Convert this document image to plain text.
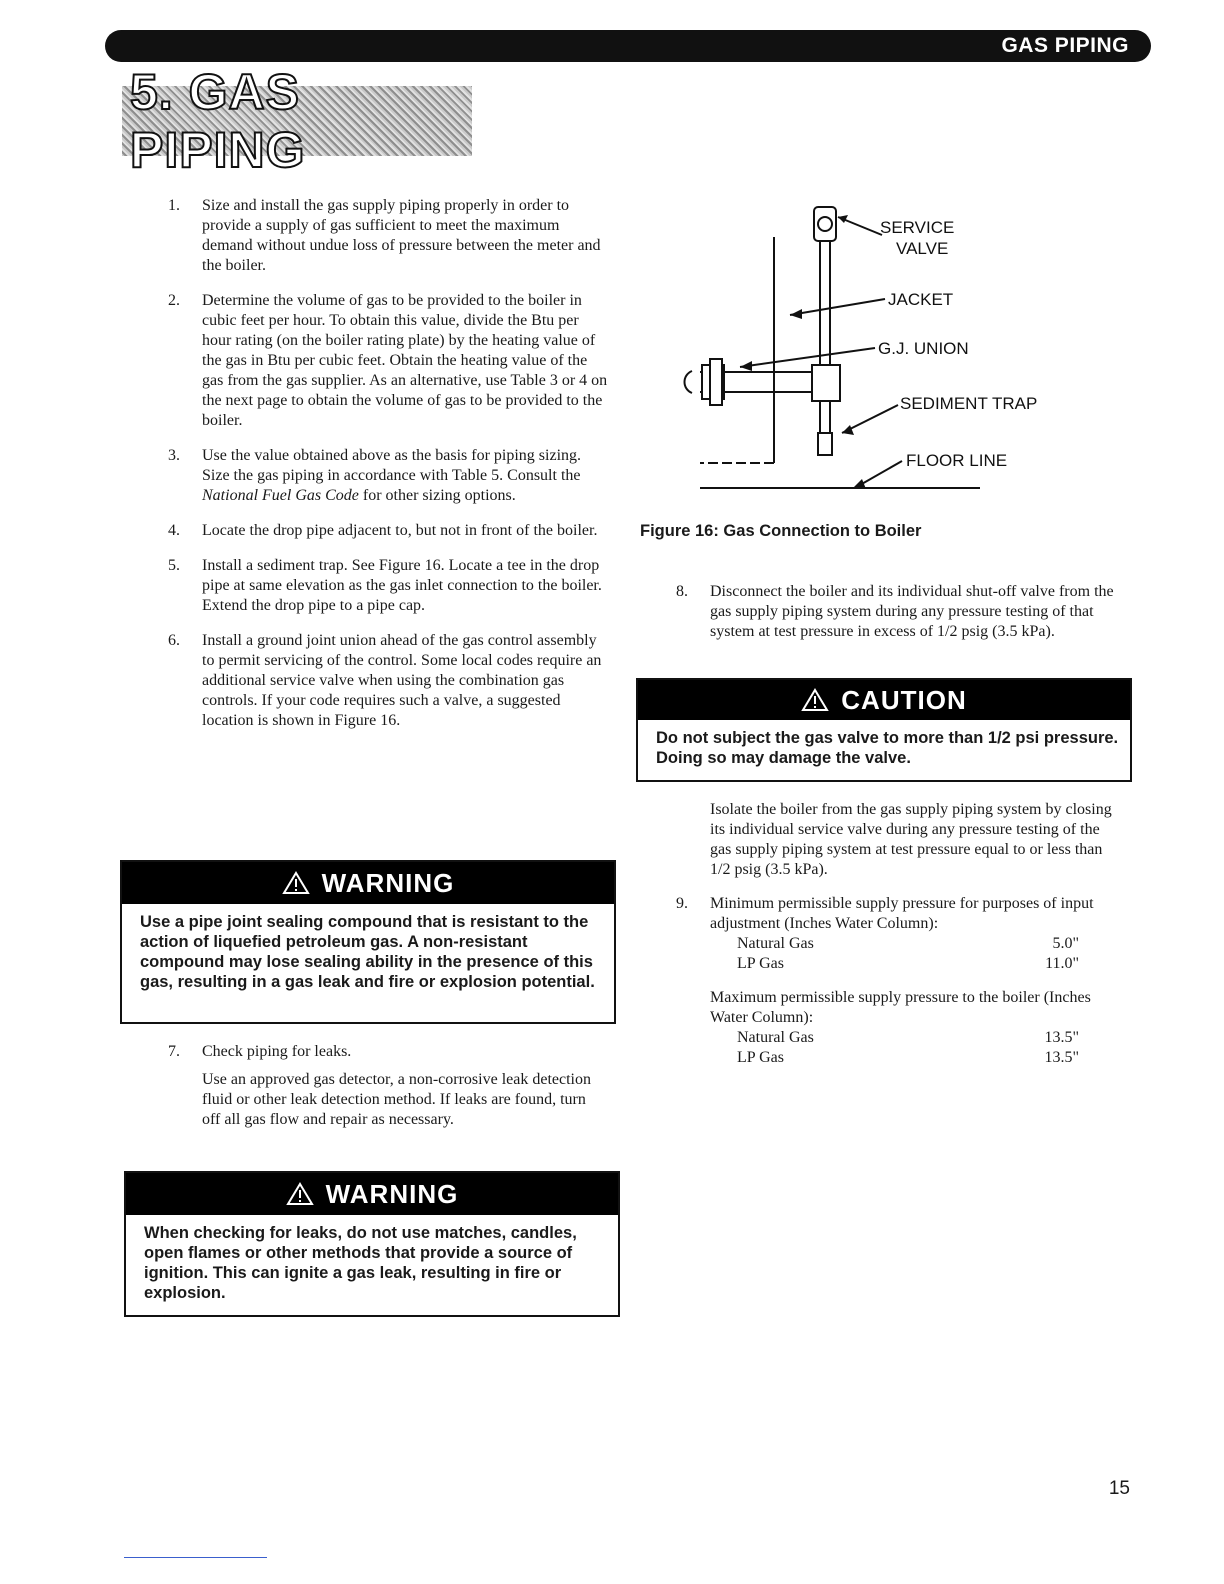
GAS PIPING
5. GAS PIPING
1. Size and install the gas supply piping properly in order to provide a supply of gas sufficient to meet the maximum demand without undue loss of pressure between the meter and the boiler.

2. Determine the volume of gas to be provided to the boiler in cubic feet per hour. To obtain this value, divide the Btu per hour rating (on the boiler rating plate) by the heating value of the gas in Btu per cubic feet. Obtain the heating value of the gas from the gas supplier. As an alternative, use Table 3 or 4 on the next page to obtain the volume of gas to be provided to the boiler.

3. Use the value obtained above as the basis for piping sizing. Size the gas piping in accordance with Table 5. Consult the National Fuel Gas Code for other sizing options.

4. Locate the drop pipe adjacent to, but not in front of the boiler.

5. Install a sediment trap. See Figure 16. Locate a tee in the drop pipe at same elevation as the gas inlet connection to the boiler. Extend the drop pipe to a pipe cap.

6. Install a ground joint union ahead of the gas control assembly to permit servicing of the control. Some local codes require an additional service valve when using the combination gas controls. If your code requires such a valve, a suggested location is shown in Figure 16.

WARNING
Use a pipe joint sealing compound that is resistant to the action of liquefied petroleum gas. A non-resistant compound may lose sealing ability in the presence of this gas, resulting in a gas leak and fire or explosion potential.
7. Check piping for leaks.

Use an approved gas detector, a non-corrosive leak detection fluid or other leak detection method. If leaks are found, turn off all gas flow and repair as necessary.

WARNING
When checking for leaks, do not use matches, candles, open flames or other methods that provide a source of ignition. This can ignite a gas leak, resulting in fire or explosion.
SERVICE
VALVE
JACKET
G.J. UNION
SEDIMENT TRAP
FLOOR LINE
Figure 16: Gas Connection to Boiler
8. Disconnect the boiler and its individual shut-off valve from the gas supply piping system during any pressure testing of that system at test pressure in excess of 1/2 psig (3.5 kPa).

CAUTION
Do not subject the gas valve to more than 1/2 psi pressure. Doing so may damage the valve.

Isolate the boiler from the gas supply piping system by closing its individual service valve during any pressure testing of the gas supply piping system at test pressure equal to or less than 1/2 psig (3.5 kPa).

9. Minimum permissible supply pressure for purposes of input adjustment (Inches Water Column):

Natural Gas	5.0"
LP Gas	11.0"

Maximum permissible supply pressure to the boiler (Inches Water Column):

Natural Gas	13.5"
LP Gas	13.5"
15
